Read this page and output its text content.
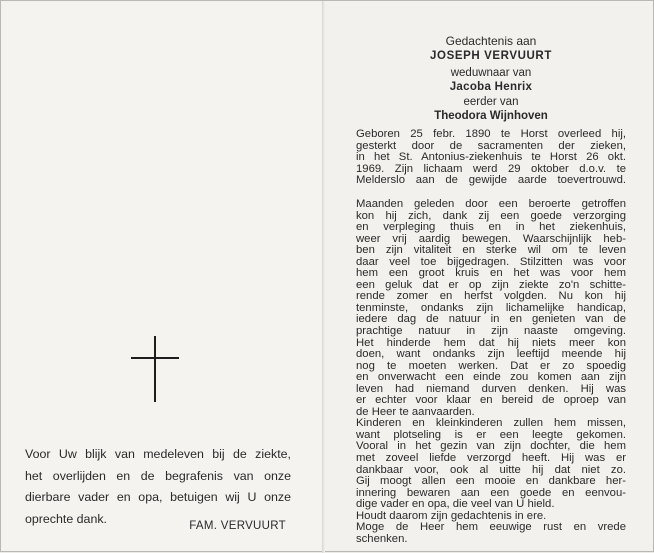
Voor Uw blijk van medeleven bij de ziekte,
het overlijden en de begrafenis van onze
dierbare vader en opa, betuigen wij U onze
oprechte dank.
FAM. VERVUURT
Gedachtenis aan
JOSEPH VERVUURT
weduwnaar van
Jacoba Henrix
eerder van
Theodora Wijnhoven
Geboren 25 febr. 1890 te Horst overleed hij,
gesterkt door de sacramenten der zieken,
in het St. Antonius-ziekenhuis te Horst 26 okt.
1969. Zijn lichaam werd 29 oktober d.o.v. te
Melderslo aan de gewijde aarde toevertrouwd.
Maanden geleden door een beroerte getroffen
kon hij zich, dank zij een goede verzorging
en verpleging thuis en in het ziekenhuis,
weer vrij aardig bewegen. Waarschijnlijk heb-
ben zijn vitaliteit en sterke wil om te leven
daar veel toe bijgedragen. Stilzitten was voor
hem een groot kruis en het was voor hem
een geluk dat er op zijn ziekte zo'n schitte-
rende zomer en herfst volgden. Nu kon hij
tenminste, ondanks zijn lichamelijke handicap,
iedere dag de natuur in en genieten van de
prachtige natuur in zijn naaste omgeving.
Het hinderde hem dat hij niets meer kon
doen, want ondanks zijn leeftijd meende hij
nog te moeten werken. Dat er zo spoedig
en onverwacht een einde zou komen aan zijn
leven had niemand durven denken. Hij was
er echter voor klaar en bereid de oproep van
de Heer te aanvaarden.
Kinderen en kleinkinderen zullen hem missen,
want plotseling is er een leegte gekomen.
Vooral in het gezin van zijn dochter, die hem
met zoveel liefde verzorgd heeft. Hij was er
dankbaar voor, ook al uitte hij dat niet zo.
Gij moogt allen een mooie en dankbare her-
innering bewaren aan een goede en eenvou-
dige vader en opa, die veel van U hield.
Houdt daarom zijn gedachtenis in ere.
Moge de Heer hem eeuwige rust en vrede
schenken.
